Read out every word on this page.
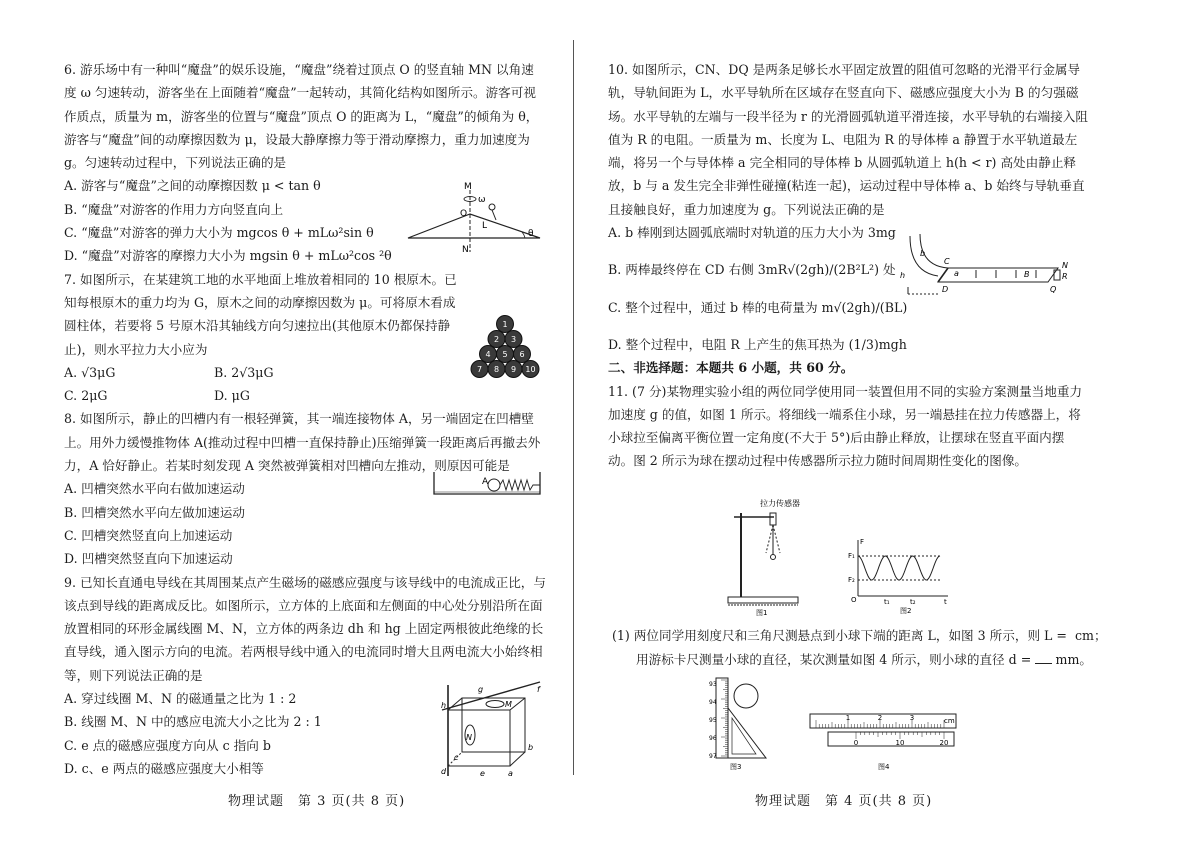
6. 游乐场中有一种叫“魔盘”的娱乐设施，“魔盘”绕着过顶点 O 的竖直轴 MN 以角速度 ω 匀速转动，游客坐在上面随着“魔盘”一起转动，其简化结构如图所示。游客可视作质点，质量为 m，游客坐的位置与“魔盘”顶点 O 的距离为 L，“魔盘”的倾角为 θ，游客与“魔盘”间的动摩擦因数为 μ，设最大静摩擦力等于滑动摩擦力，重力加速度为 g。匀速转动过程中，下列说法正确的是
A. 游客与“魔盘”之间的动摩擦因数 μ < tan θ
B. “魔盘”对游客的作用力方向竖直向上
C. “魔盘”对游客的弹力大小为 mgcos θ + mLω²sin θ
D. “魔盘”对游客的摩擦力大小为 mgsin θ + mLω²cos ²θ
7. 如图所示，在某建筑工地的水平地面上堆放着相同的 10 根原木。已知每根原木的重力均为 G，原木之间的动摩擦因数为 μ。可将原木看成圆柱体，若要将 5 号原木沿其轴线方向匀速拉出(其他原木仍都保持静止)，则水平拉力大小应为
A. √3μG	B. 2√3μG
C. 2μG	D. μG
8. 如图所示，静止的凹槽内有一根轻弹簧，其一端连接物体 A，另一端固定在凹槽壁上。用外力缓慢推物体 A(推动过程中凹槽一直保持静止)压缩弹簧一段距离后再撤去外力，A 恰好静止。若某时刻发现 A 突然被弹簧相对凹槽向左推动，则原因可能是
A. 凹槽突然水平向右做加速运动
B. 凹槽突然水平向左做加速运动
C. 凹槽突然竖直向上加速运动
D. 凹槽突然竖直向下加速运动
9. 已知长直通电导线在其周围某点产生磁场的磁感应强度与该导线中的电流成正比，与该点到导线的距离成反比。如图所示，立方体的上底面和左侧面的中心处分别沿所在面放置相同的环形金属线圈 M、N，立方体的两条边 dh 和 hg 上固定两根彼此绝缘的长直导线，通入图示方向的电流。若两根导线中通入的电流同时增大且两电流大小始终相等，则下列说法正确的是
A. 穿过线圈 M、N 的磁通量之比为 1 : 2
B. 线圈 M、N 中的感应电流大小之比为 2 : 1
C. e 点的磁感应强度方向从 c 指向 b
D. c、e 两点的磁感应强度大小相等
M
ω
O
L
θ
N
1
2 3
4 5 6
7 8 9 10
A
g	f
M
h
N
b
d	a
c
e
物理试题　第 3 页(共 8 页)
10. 如图所示，CN、DQ 是两条足够长水平固定放置的阻值可忽略的光滑平行金属导轨，导轨间距为 L，水平导轨所在区域存在竖直向下、磁感应强度大小为 B 的匀强磁场。水平导轨的左端与一段半径为 r 的光滑圆弧轨道平滑连接，水平导轨的右端接入阻值为 R 的电阻。一质量为 m、长度为 L、电阻为 R 的导体棒 a 静置于水平轨道最左端，将另一个与导体棒 a 完全相同的导体棒 b 从圆弧轨道上 h(h < r) 高处由静止释放，b 与 a 发生完全非弹性碰撞(粘连一起)，运动过程中导体棒 a、b 始终与导轨垂直且接触良好，重力加速度为 g。下列说法正确的是
A. b 棒刚到达圆弧底端时对轨道的压力大小为 3mg
B. 两棒最终停在 CD 右侧 3mR√(2gh)/(2B²L²) 处
C. 整个过程中，通过 b 棒的电荷量为 m√(2gh)/(BL)
D. 整个过程中，电阻 R 上产生的焦耳热为 (1/3)mgh
二、非选择题：本题共 6 小题，共 60 分。
11. (7 分)某物理实验小组的两位同学使用同一装置但用不同的实验方案测量当地重力加速度 g 的值，如图 1 所示。将细线一端系住小球，另一端悬挂在拉力传感器上，将小球拉至偏离平衡位置一定角度(不大于 5°)后由静止释放，让摆球在竖直平面内摆动。图 2 所示为球在摆动过程中传感器所示拉力随时间周期性变化的图像。
b
C
a	B
N
h	R
D	Q
拉力传感器
图1
F
F₁
F₂
O	t₁	t₂	t
图2
(1) 两位同学用刻度尺和三角尺测悬点到小球下端的距离 L，如图 3 所示，则 L = cm；
用游标卡尺测量小球的直径，某次测量如图 4 所示，则小球的直径 d = mm。
93
94
95
96
97
图3
1	2	3
0	10	20
cm
图4
物理试题　第 4 页(共 8 页)
